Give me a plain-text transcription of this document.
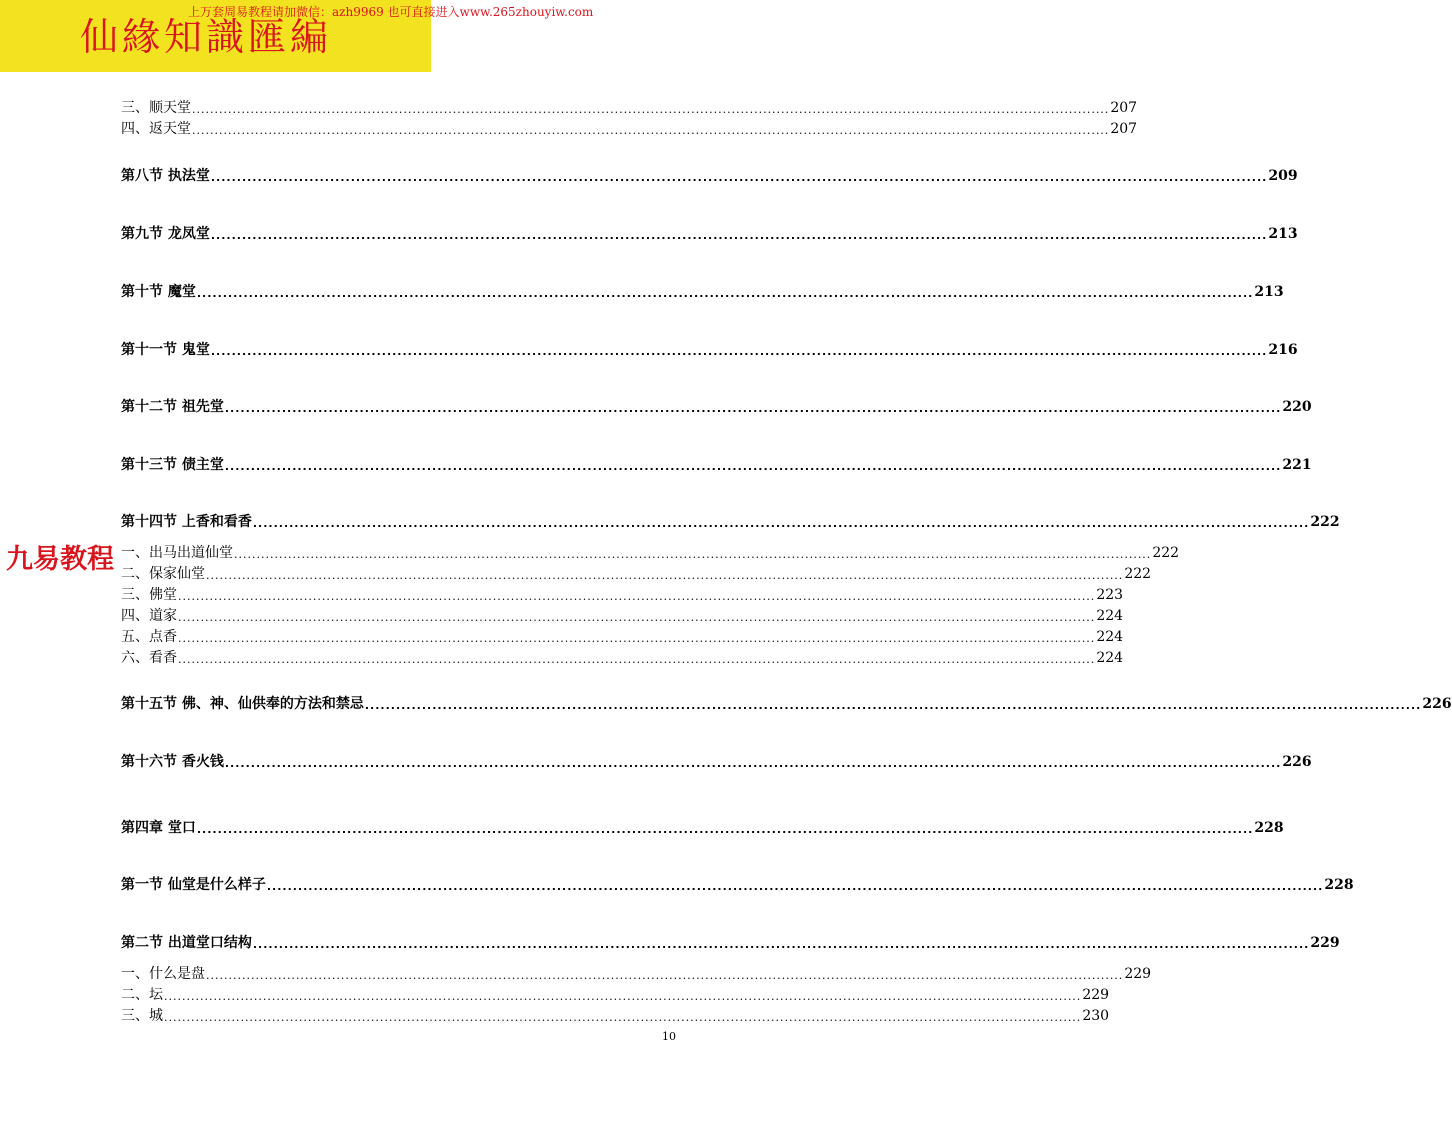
仙緣知識匯編
上万套周易教程请加微信：azh9969 也可直接进入www.265zhouyiw.com
三、顺天堂 ............................................................................................................................................................................................................ 207
四、返天堂 ............................................................................................................................................................................................................ 207
第八节 执法堂 ............................................................................................................................................................................................................ 209
第九节 龙凤堂 ............................................................................................................................................................................................................ 213
第十节 魔堂 ............................................................................................................................................................................................................ 213
第十一节 鬼堂 ............................................................................................................................................................................................................ 216
第十二节 祖先堂 ............................................................................................................................................................................................................ 220
第十三节 债主堂 ............................................................................................................................................................................................................ 221
第十四节 上香和看香 ............................................................................................................................................................................................................ 222
一、出马出道仙堂 ............................................................................................................................................................................................................ 222
二、保家仙堂 ............................................................................................................................................................................................................ 222
三、佛堂 ............................................................................................................................................................................................................ 223
四、道家 ............................................................................................................................................................................................................ 224
五、点香 ............................................................................................................................................................................................................ 224
六、看香 ............................................................................................................................................................................................................ 224
第十五节 佛、神、仙供奉的方法和禁忌 ............................................................................................................................................................................................................ 226
第十六节 香火钱 ............................................................................................................................................................................................................ 226
第四章 堂口 ............................................................................................................................................................................................................ 228
第一节 仙堂是什么样子 ............................................................................................................................................................................................................ 228
第二节 出道堂口结构 ............................................................................................................................................................................................................ 229
一、什么是盘 ............................................................................................................................................................................................................ 229
二、坛 ............................................................................................................................................................................................................ 229
三、城 ............................................................................................................................................................................................................ 230
九易教程
10
